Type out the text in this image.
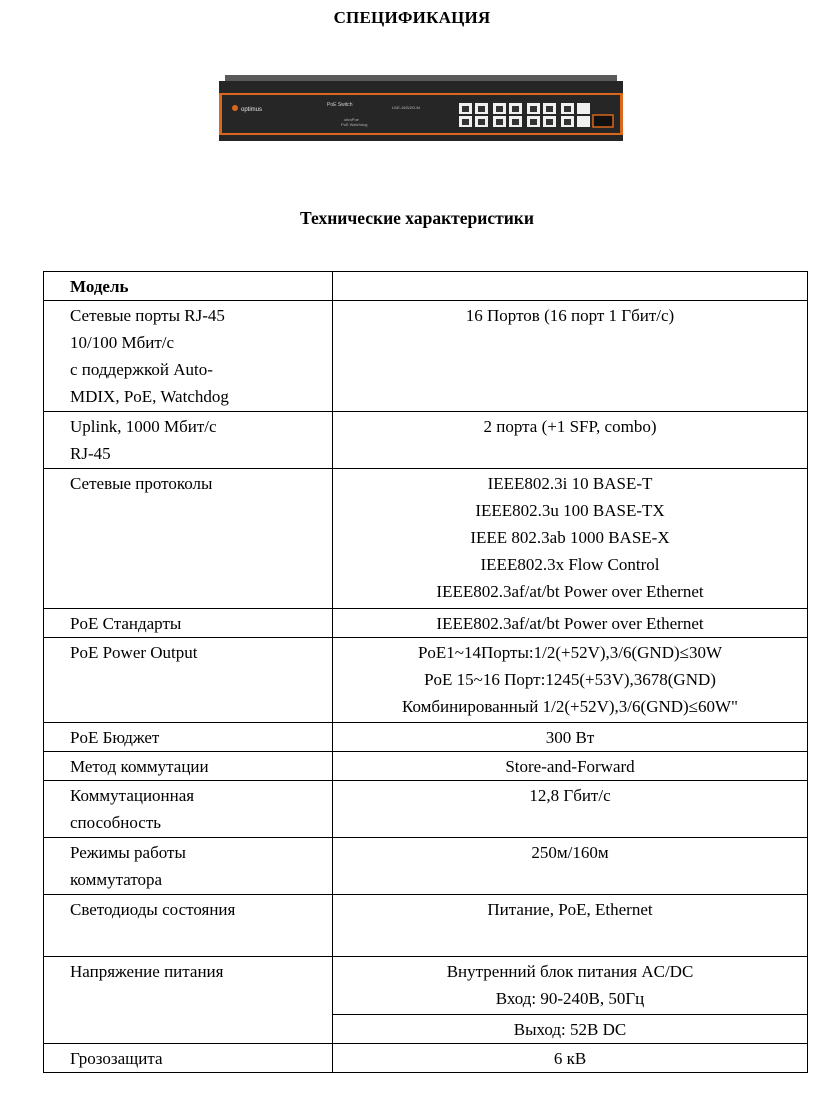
СПЕЦИФИКАЦИЯ
optimus
PoE Switch
ultraPoe
PoE Watchdog
U1E-16G/2G-M
Технические характеристики
Модель	

Сетевые порты RJ-45
10/100 Мбит/с
с поддержкой Auto-
MDIX, PoE, Watchdog	16 Портов (16 порт 1 Гбит/с)

Uplink, 1000 Мбит/с
RJ-45	2 порта (+1 SFP, combo)

Сетевые протоколы	IEEE802.3i 10 BASE-T
IEEE802.3u 100 BASE-TX
IEEE 802.3ab 1000 BASE-X
IEEE802.3x Flow Control
IEEE802.3af/at/bt Power over Ethernet

PoE Стандарты	IEEE802.3af/at/bt Power over Ethernet

PoE Power Output	PoE1~14Порты:1/2(+52V),3/6(GND)≤30W
PoE 15~16 Порт:1245(+53V),3678(GND)
Комбинированный 1/2(+52V),3/6(GND)≤60W"

PoE Бюджет	300 Вт

Метод коммутации	Store-and-Forward

Коммутационная
способность	12,8 Гбит/с

Режимы работы
коммутатора	250м/160м

Светодиоды состояния	Питание, PoE, Ethernet

Напряжение питания	Внутренний блок питания AC/DC
Вход: 90-240В, 50Гц

	Выход: 52В DC

Грозозащита	6 кВ
